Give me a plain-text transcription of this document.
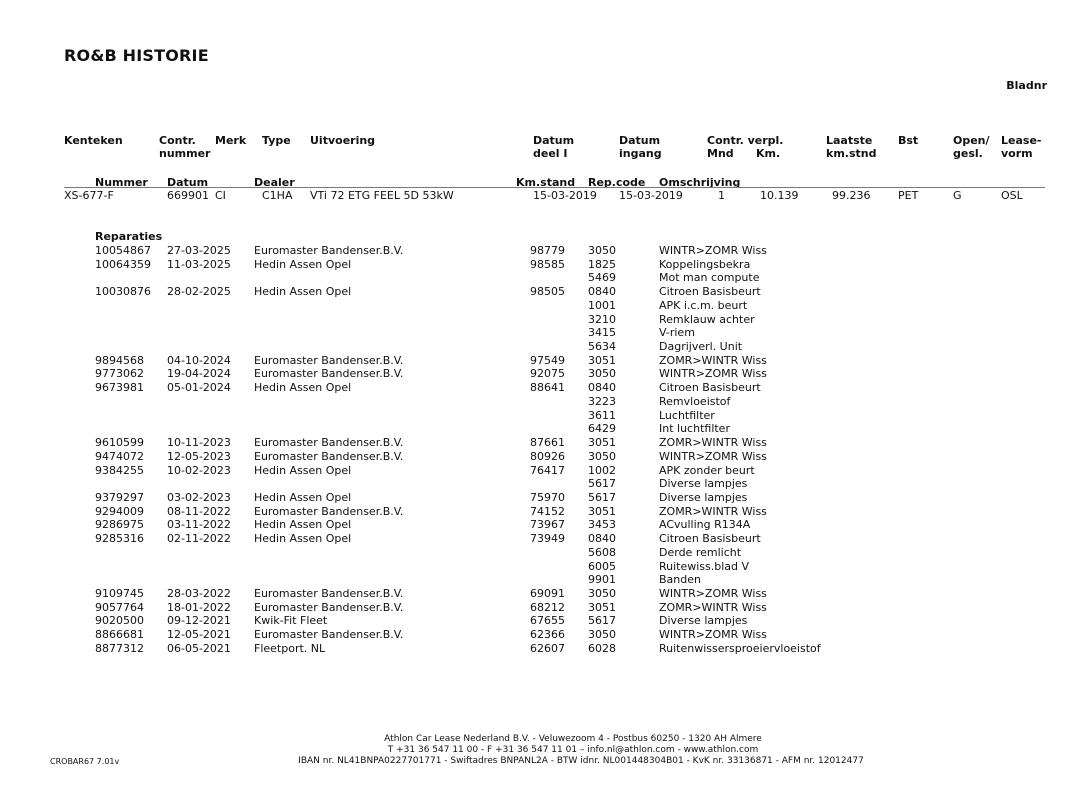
RO&B HISTORIE
Bladnr
Kenteken	Contr.
nummer
Merk Type Uitvoering	Datum
deel I
Datum
ingang
Contr. verpl.
Mnd Km.
Laatste
km.stnd
Bst	Open/
gesl.
Lease-
vorm
Nummer Datum	Dealer	Km.stand Rep.code Omschrijving
XS-677-F	669901 CI	C1HA VTi 72 ETG FEEL 5D 53kW	15-03-2019 15-03-2019	1	10.139	99.236	PET	G	OSL
Reparaties
10054867 27-03-2025 Euromaster Bandenser.B.V.	98779 3050	WINTR>ZOMR Wiss
10064359 11-03-2025 Hedin Assen Opel	98585 1825	Koppelingsbekra
5469	Mot man compute
10030876 28-02-2025 Hedin Assen Opel	98505 0840	Citroen Basisbeurt
1001	APK i.c.m. beurt
3210	Remklauw achter
3415	V-riem
5634	Dagrijverl. Unit
9894568 04-10-2024 Euromaster Bandenser.B.V.	97549 3051	ZOMR>WINTR Wiss
9773062 19-04-2024 Euromaster Bandenser.B.V.	92075 3050	WINTR>ZOMR Wiss
9673981 05-01-2024 Hedin Assen Opel	88641 0840	Citroen Basisbeurt
3223	Remvloeistof
3611	Luchtfilter
6429	Int luchtfilter
9610599 10-11-2023 Euromaster Bandenser.B.V.	87661 3051	ZOMR>WINTR Wiss
9474072 12-05-2023 Euromaster Bandenser.B.V.	80926 3050	WINTR>ZOMR Wiss
9384255 10-02-2023 Hedin Assen Opel	76417 1002	APK zonder beurt
5617	Diverse lampjes
9379297 03-02-2023 Hedin Assen Opel	75970 5617	Diverse lampjes
9294009 08-11-2022 Euromaster Bandenser.B.V.	74152 3051	ZOMR>WINTR Wiss
9286975 03-11-2022 Hedin Assen Opel	73967 3453	ACvulling R134A
9285316 02-11-2022 Hedin Assen Opel	73949 0840	Citroen Basisbeurt
5608	Derde remlicht
6005	Ruitewiss.blad V
9901	Banden
9109745 28-03-2022 Euromaster Bandenser.B.V.	69091 3050	WINTR>ZOMR Wiss
9057764 18-01-2022 Euromaster Bandenser.B.V.	68212 3051	ZOMR>WINTR Wiss
9020500 09-12-2021 Kwik-Fit Fleet	67655 5617	Diverse lampjes
8866681 12-05-2021 Euromaster Bandenser.B.V.	62366 3050	WINTR>ZOMR Wiss
8877312 06-05-2021 Fleetport. NL	62607 6028	Ruitenwissersproeiervloeistof
CROBAR67 7.01v
Athlon Car Lease Nederland B.V. - Veluwezoom 4 - Postbus 60250 - 1320 AH Almere
T +31 36 547 11 00 - F +31 36 547 11 01 – info.nl@athlon.com - www.athlon.com
IBAN nr. NL41BNPA0227701771 - Swiftadres BNPANL2A - BTW idnr. NL001448304B01 - KvK nr. 33136871 - AFM nr. 12012477
